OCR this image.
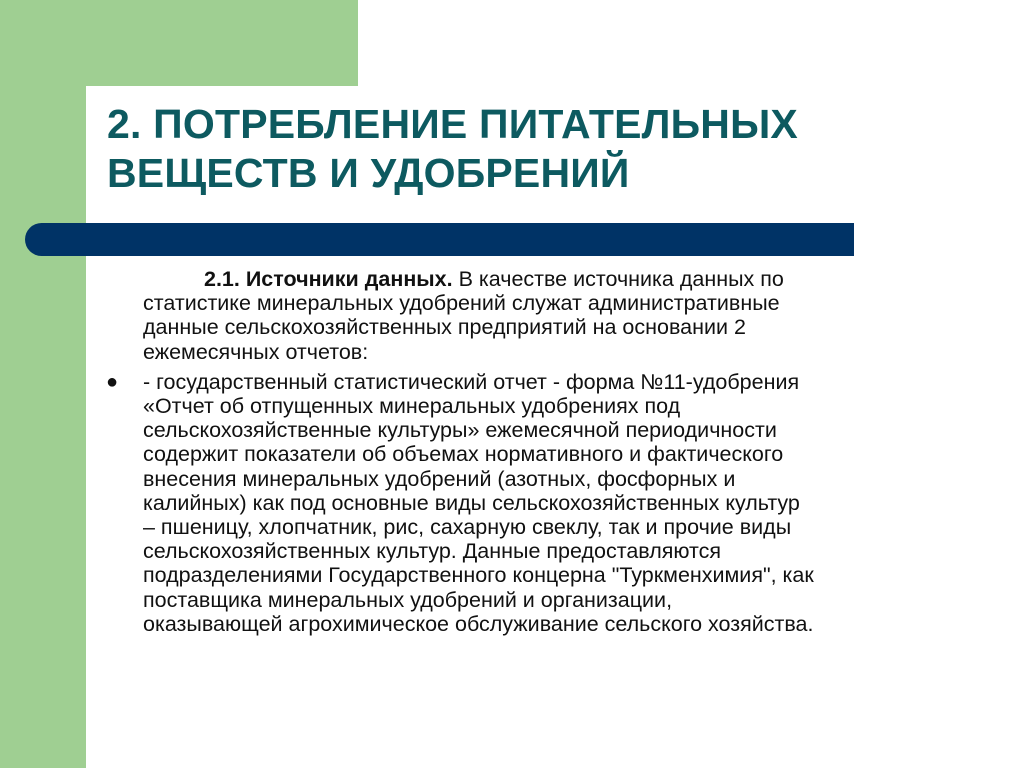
2. ПОТРЕБЛЕНИЕ ПИТАТЕЛЬНЫХ
ВЕЩЕСТВ И УДОБРЕНИЙ

2.1. Источники данных. В качестве источника данных по
статистике минеральных удобрений служат административные
данные сельскохозяйственных предприятий на основании 2
ежемесячных отчетов:

● - государственный статистический отчет - форма №11-удобрения
«Отчет об отпущенных минеральных удобрениях под
сельскохозяйственные культуры» ежемесячной периодичности
содержит показатели об объемах нормативного и фактического
внесения минеральных удобрений (азотных, фосфорных и
калийных) как под основные виды сельскохозяйственных культур
– пшеницу, хлопчатник, рис, сахарную свеклу, так и прочие виды
сельскохозяйственных культур. Данные предоставляются
подразделениями Государственного концерна "Туркменхимия", как
поставщика минеральных удобрений и организации,
оказывающей агрохимическое обслуживание сельского хозяйства.
